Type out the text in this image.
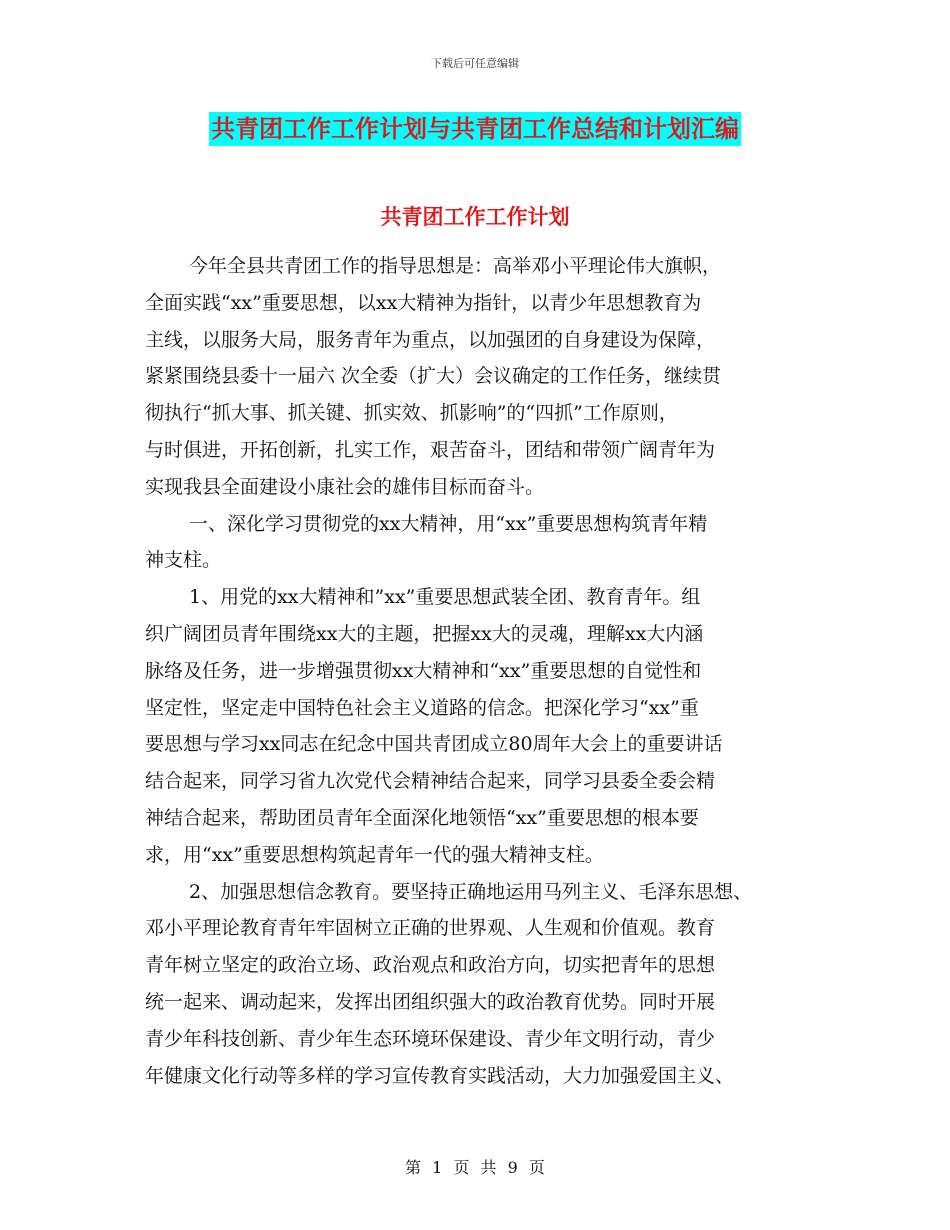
下载后可任意编辑
共青团工作工作计划与共青团工作总结和计划汇编
共青团工作工作计划
今年全县共青团工作的指导思想是：高举邓小平理论伟大旗帜，
全面实践“xx”重要思想，以xx大精神为指针，以青少年思想教育为
主线，以服务大局，服务青年为重点，以加强团的自身建设为保障，
紧紧围绕县委十一届六 次全委（扩大）会议确定的工作任务，继续贯
彻执行“抓大事、抓关键、抓实效、抓影响”的“四抓”工作原则，
与时俱进，开拓创新，扎实工作，艰苦奋斗，团结和带领广阔青年为
实现我县全面建设小康社会的雄伟目标而奋斗。
一、深化学习贯彻党的xx大精神，用“xx”重要思想构筑青年精
神支柱。
1、用党的xx大精神和”xx”重要思想武装全团、教育青年。组
织广阔团员青年围绕xx大的主题，把握xx大的灵魂，理解xx大内涵
脉络及任务，进一步增强贯彻xx大精神和“xx”重要思想的自觉性和
坚定性，坚定走中国特色社会主义道路的信念。把深化学习“xx”重
要思想与学习xx同志在纪念中国共青团成立80周年大会上的重要讲话
结合起来，同学习省九次党代会精神结合起来，同学习县委全委会精
神结合起来，帮助团员青年全面深化地领悟“xx”重要思想的根本要
求，用“xx”重要思想构筑起青年一代的强大精神支柱。
2、加强思想信念教育。要坚持正确地运用马列主义、毛泽东思想、
邓小平理论教育青年牢固树立正确的世界观、人生观和价值观。教育
青年树立坚定的政治立场、政治观点和政治方向，切实把青年的思想
统一起来、调动起来，发挥出团组织强大的政治教育优势。同时开展
青少年科技创新、青少年生态环境环保建设、青少年文明行动，青少
年健康文化行动等多样的学习宣传教育实践活动，大力加强爱国主义、
第 1 页 共 9 页
